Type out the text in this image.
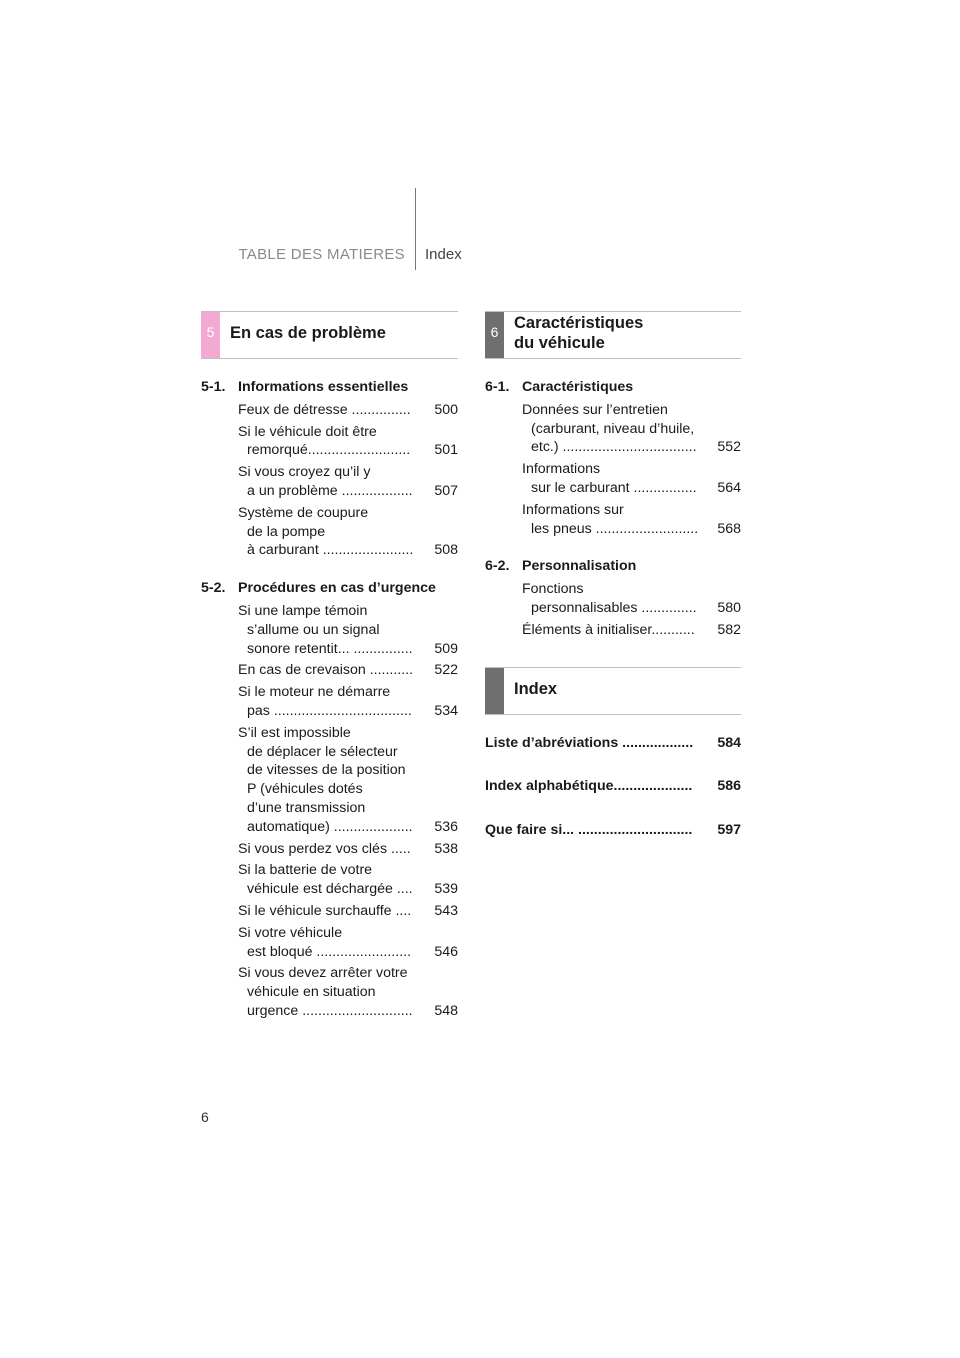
TABLE DES MATIERES Index
5 En cas de problème	6 Caractéristiques
du véhicule
Index
5-1. Informations essentielles
Feux de détresse ...............	500
Si le véhicule doit être
remorqué..........................	501
Si vous croyez qu’il y
a un problème ..................	507
Système de coupure
de la pompe
à carburant .......................	508
5-2. Procédures en cas d’urgence
Si une lampe témoin
s’allume ou un signal
sonore retentit... ...............	509
En cas de crevaison ...........	522
Si le moteur ne démarre
pas ...................................	534
S’il est impossible
de déplacer le sélecteur
de vitesses de la position
P (véhicules dotés
d’une transmission
automatique) ....................	536
Si vous perdez vos clés .....	538
Si la batterie de votre
véhicule est déchargée ....	539
Si le véhicule surchauffe ....	543
Si votre véhicule
est bloqué ........................	546
Si vous devez arrêter votre
véhicule en situation
urgence ............................	548
6-1. Caractéristiques
Données sur l’entretien
(carburant, niveau d’huile,
etc.) ..................................	552
Informations
sur le carburant ................	564
Informations sur
les pneus .......................... 568
6-2. Personnalisation
Fonctions
personnalisables ..............	580
Éléments à initialiser...........	582
Liste d’abréviations .................. 584
Index alphabétique.................... 586
Que faire si... ............................. 597
6
